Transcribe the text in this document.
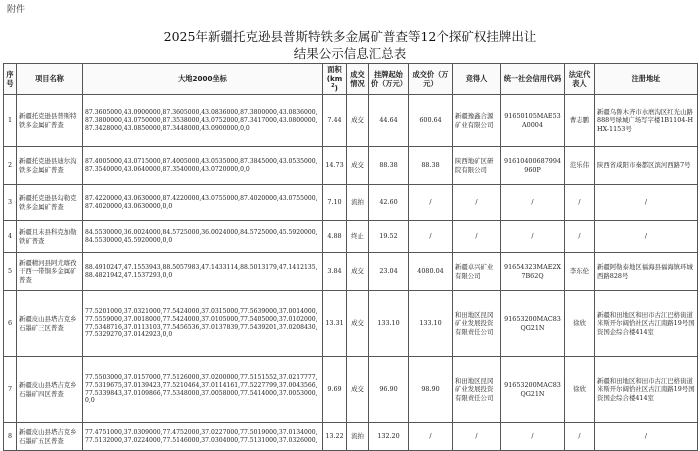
附件
2025年新疆托克逊县普斯特铁多金属矿普查等12个探矿权挂牌出让
结果公示信息汇总表
序号	项目名称	大地2000坐标	面积
$(km^2)$	成交情况	挂牌起始价（万元）	成交价（万元）	竞得人	统一社会信用代码	法定代表人	注册地址
1	新疆托克逊县普斯特铁多金属矿普查	87.3605000,43.0900000,87.3605000,43.0836000,87.3800000,43.0836000,
87.3800000,43.0750000,87.3538000,43.0752000,87.3417000,43.0800000,
87.3428000,43.0850000,87.3448000,43.0900000,0,0	7.44	成交	44.64	600.64	新疆豫鑫合源矿业有限公司	91650105MAE53A0004	曹志鹏	新疆乌鲁木齐市水磨沟区红光山路888号绿城广场写字楼1B1104-HHX-1153号
2	新疆托克逊县迪尔沟铁多金属矿普查	87.4005000,43.0715000,87.4005000,43.0535000,87.3845000,43.0535000,
87.3540000,43.0640000,87.3540000,43.0720000,0,0	14.73	成交	88.38	88.38	陕西地矿区研院有限公司	91610400687994960P	范乐伟	陕西省咸阳市秦都区滨河西路7号
3	新疆托克逊县勾勒克铁多金属矿普查	87.4220000,43.0630000,87.4220000,43.0755000,87.4020000,43.0755000,
87.4020000,43.0630000,0,0	7.10	流拍	42.60	/	/	/	/	/
4	新疆且末县科克加勒铁矿普查	84.5530000,36.0024000,84.5725000,36.0024000,84.5725000,45.5920000,
84.5530000,45.5920000,0,0	4.88	终止	19.52	/	/	/	/	/
5	新疆精河县阿尤喀孜干西一带铜多金属矿普查	88.4910247,47.1553943,88.5057983,47.1433114,88.5013179,47.1412135,
88.4821942,47.1537293,0,0	3.84	成交	23.04	4080.04	新疆卓兴矿业有限公司	91654323MAE2X7B62Q	李东伦	新疆阿勒泰地区福海县福海镇环城西路828号
6	新疆皮山县塔吉克乡石墨矿三区普查	77.5201000,37.0321000,77.5424000,37.0315000,77.5639000,37.0014000,
77.5559000,37.0018000,77.5424000,37.0105000,77.5405000,37.0102000,
77.5348716,37.0113103,77.5456536,37.0137839,77.5439201,37.0208430,
77.5329270,37.0142923,0,0	13.31	成交	133.10	133.10	和田地区昆冈矿业发展投资有限责任公司	91653200MAC83QG21N	徐欣	新疆和田地区和田市古江巴格街道米斯开尔阔恰社区古江南路19号国资国企综合楼414室
7	新疆皮山县塔吉克乡石墨矿四区普查	77.5503000,37.0157000,77.5126000,37.0200000,77.5151552,37.0217777,
77.5319675,37.0139423,77.5210464,37.0114161,77.5227799,37.0043566,
77.5339843,37.0109866,77.5348000,37.0058000,77.5414000,37.0053000,0,0	9.69	成交	96.90	98.90	和田地区昆冈矿业发展投资有限责任公司	91653200MAC83QG21N	徐欣	新疆和田地区和田市古江巴格街道米斯开尔阔恰社区古江南路19号国资国企综合楼414室
8	新疆皮山县塔吉克乡石墨矿五区普查	77.4751000,37.0309000,77.4752000,37.0227000,77.5019000,37.0134000,
77.5132000,37.0224000,77.5146000,37.0304000,77.5131000,37.0326000,	13.22	流拍	132.20	/	/	/	/	/
